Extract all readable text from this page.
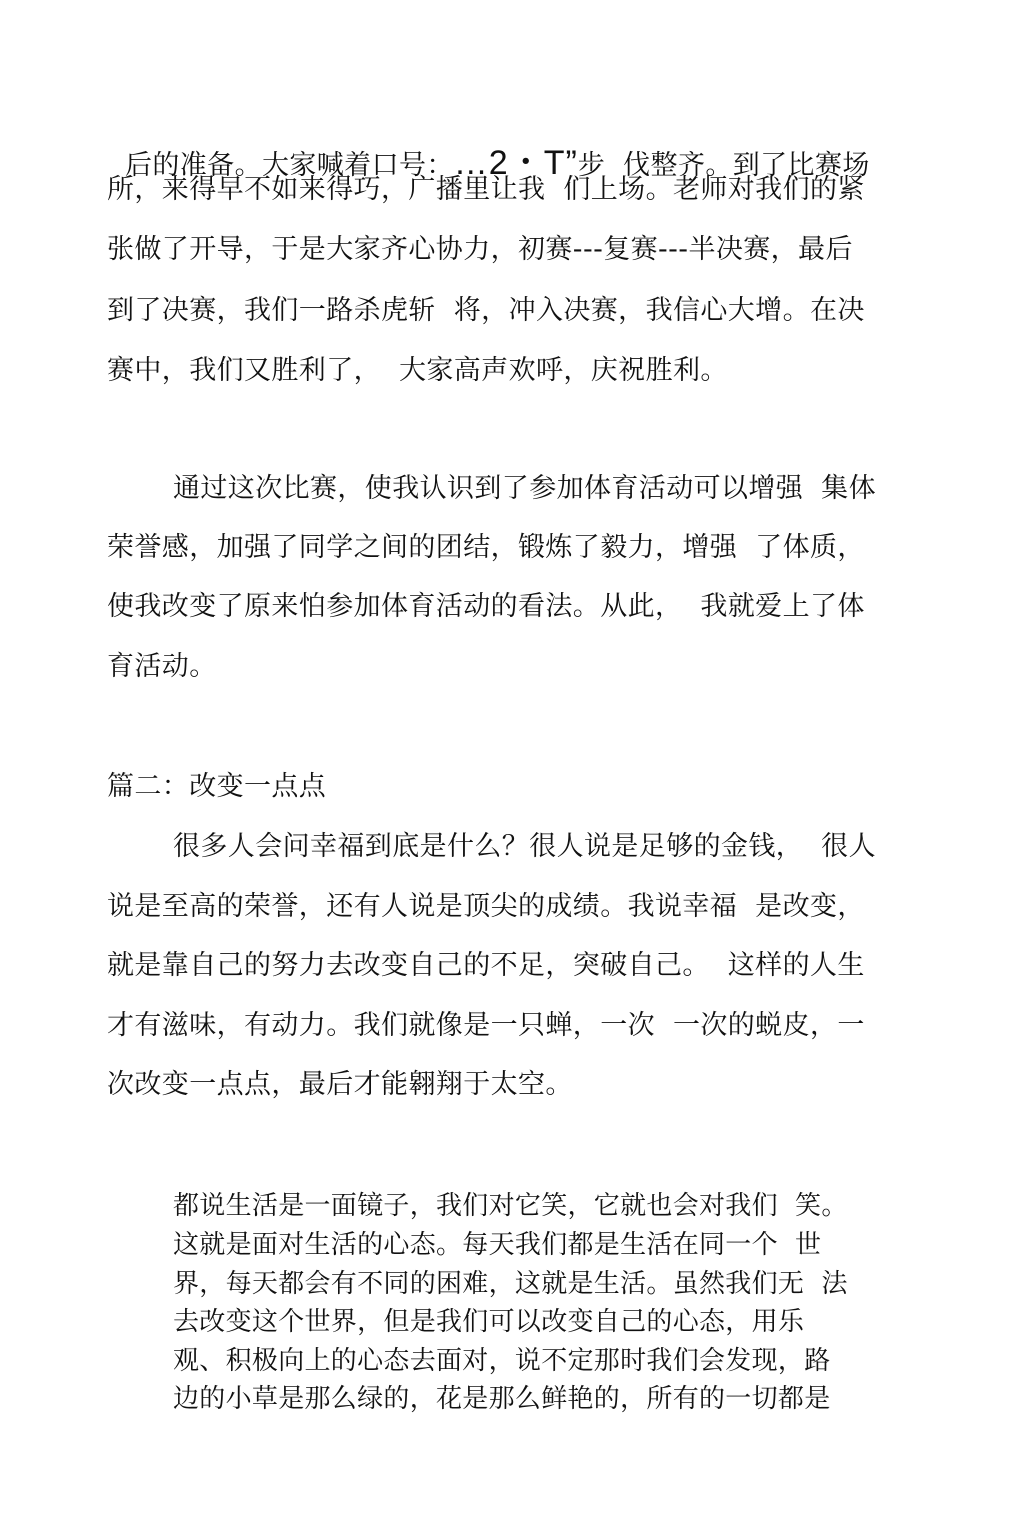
后的准备。大家喊着口号：…2・T”步  伐整齐。到了比赛场

所，来得早不如来得巧，广播里让我  们上场。老师对我们的紧
张做了开导，于是大家齐心协力，初赛---复赛---半决赛，最后
到了决赛，我们一路杀虎斩  将，冲入决赛，我信心大增。在决
赛中，我们又胜利了，  大家高声欢呼，庆祝胜利。
通过这次比赛，使我认识到了参加体育活动可以增强  集体
荣誉感，加强了同学之间的团结，锻炼了毅力，增强  了体质，
使我改变了原来怕参加体育活动的看法。从此，  我就爱上了体
育活动。
篇二：改变一点点
很多人会问幸福到底是什么？很人说是足够的金钱，  很人
说是至高的荣誉，还有人说是顶尖的成绩。我说幸福  是改变，
就是靠自己的努力去改变自己的不足，突破自己。  这样的人生
才有滋味，有动力。我们就像是一只蝉，一次  一次的蜕皮，一
次改变一点点，最后才能翱翔于太空。
都说生活是一面镜子，我们对它笑，它就也会对我们  笑。
这就是面对生活的心态。每天我们都是生活在同一个  世
界，每天都会有不同的困难，这就是生活。虽然我们无  法
去改变这个世界，但是我们可以改变自己的心态，用乐
观、积极向上的心态去面对，说不定那时我们会发现，路
边的小草是那么绿的，花是那么鲜艳的，所有的一切都是
